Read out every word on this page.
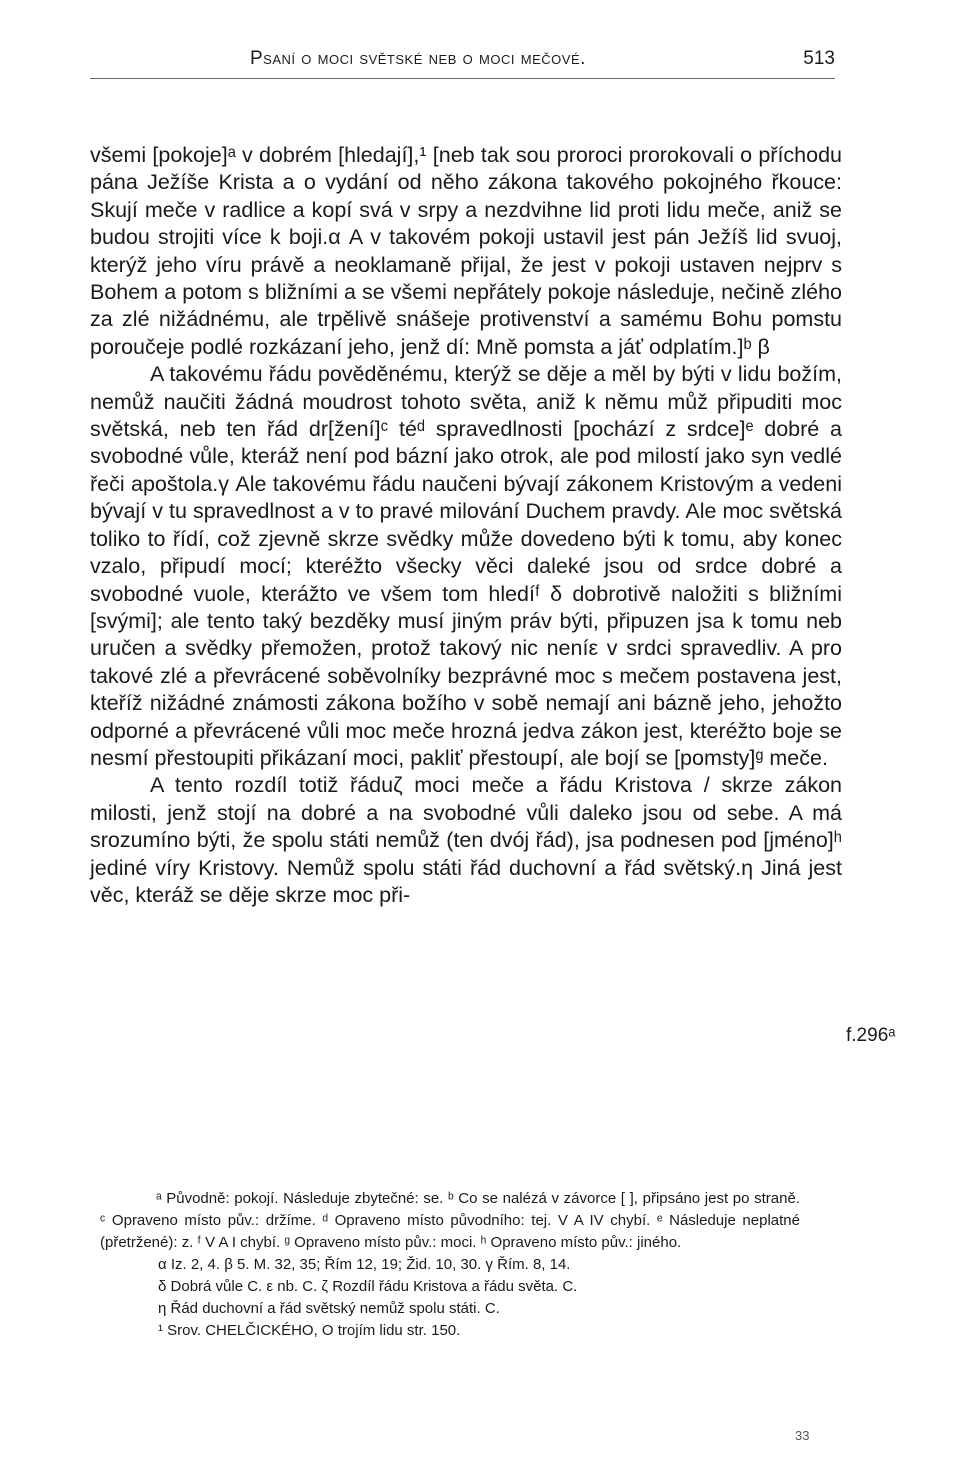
Psaní o moci světské neb o moci mečové.	513

všemi [pokoje]ᵃ v dobrém [hledají],¹ [neb tak sou proroci prorokovali o příchodu pána Ježíše Krista a o vydání od něho zákona takového pokojného řkouce: Skují meče v radlice a kopí svá v srpy a nezdvihne lid proti lidu meče, aniž se budou strojiti více k boji.α A v takovém pokoji ustavil jest pán Ježíš lid svuoj, kterýž jeho víru právě a neoklamaně přijal, že jest v pokoji ustaven nejprv s Bohem a potom s bližními a se všemi nepřátely pokoje následuje, nečině zlého za zlé nižádnému, ale trpělivě snášeje protivenství a samému Bohu pomstu poroučeje podlé rozkázaní jeho, jenž dí: Mně pomsta a jáť odplatím.]ᵇ β

A takovému řádu pověděnému, kterýž se děje a měl by býti v lidu božím, nemůž naučiti žádná moudrost tohoto světa, aniž k němu můž připuditi moc světská, neb ten řád dr[žení]ᶜ téᵈ spravedlnosti [pochází z srdce]ᵉ dobré a svobodné vůle, kteráž není pod bázní jako otrok, ale pod milostí jako syn vedlé řeči apoštola.γ Ale takovému řádu naučeni bývají zákonem Kristovým a vedeni bývají v tu spravedlnost a v to pravé milování Duchem pravdy. Ale moc světská toliko to řídí, což zjevně skrze svědky může dovedeno býti k tomu, aby konec vzalo, připudí mocí; kteréžto všecky věci daleké jsou od srdce dobré a svobodné vuole, kterážto ve všem tom hledíᶠ δ dobrotivě naložiti s bližními [svými]; ale tento taký bezděky musí jiným práv býti, připuzen jsa k tomu neb uručen a svědky přemožen, protož takový nic neníε v srdci spravedliv. A pro takové zlé a převrácené soběvolníky bezprávné moc s mečem postavena jest, kteříž nižádné známosti zákona božího v sobě nemají ani bázně jeho, jehožto odporné a převrácené vůli moc meče hrozná jedva zákon jest, kteréžto boje se nesmí přestoupiti přikázaní moci, pakliť přestoupí, ale bojí se [pomsty]ᵍ meče.

A tento rozdíl totiž řáduζ moci meče a řádu Kristova / skrze zákon milosti, jenž stojí na dobré a na svobodné vůli daleko jsou od sebe. A má srozumíno býti, že spolu státi nemůž (ten dvój řád), jsa podnesen pod [jméno]ʰ jediné víry Kristovy. Nemůž spolu státi řád duchovní a řád světský.η Jiná jest věc, kteráž se děje skrze moc při-

f.296ᵃ

ᵃ Původně: pokojí. Následuje zbytečné: se. ᵇ Co se nalézá v závorce [ ], připsáno jest po straně. ᶜ Opraveno místo pův.: držíme. ᵈ Opraveno místo původního: tej. V A IV chybí. ᵉ Následuje neplatné (přetržené): z. ᶠ V A I chybí. ᵍ Opraveno místo pův.: moci. ʰ Opraveno místo pův.: jiného.

α Iz. 2, 4. β 5. M. 32, 35; Řím 12, 19; Žid. 10, 30. γ Řím. 8, 14.

δ Dobrá vůle C. ε nb. C. ζ Rozdíl řádu Kristova a řádu světa. C.

η Řád duchovní a řád světský nemůž spolu státi. C.

¹ Srov. CHELČICKÉHO, O trojím lidu str. 150.

33
